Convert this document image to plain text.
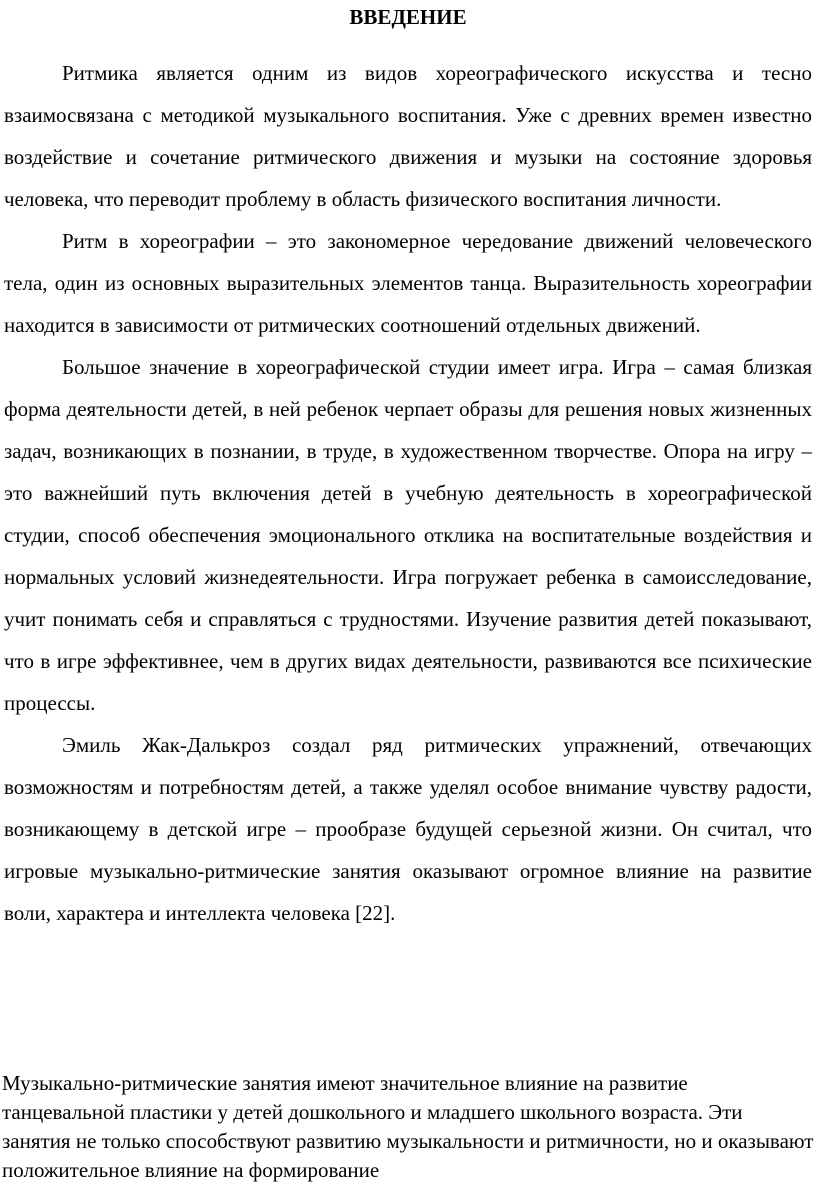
ВВЕДЕНИЕ

Ритмика является одним из видов хореографического искусства и тесно взаимосвязана с методикой музыкального воспитания. Уже с древних времен известно воздействие и сочетание ритмического движения и музыки на состояние здоровья человека, что переводит проблему в область физического воспитания личности.

Ритм в хореографии – это закономерное чередование движений человеческого тела, один из основных выразительных элементов танца. Выразительность хореографии находится в зависимости от ритмических соотношений отдельных движений.

Большое значение в хореографической студии имеет игра. Игра – самая близкая форма деятельности детей, в ней ребенок черпает образы для решения новых жизненных задач, возникающих в познании, в труде, в художественном творчестве. Опора на игру – это важнейший путь включения детей в учебную деятельность в хореографической студии, способ обеспечения эмоционального отклика на воспитательные воздействия и нормальных условий жизнедеятельности. Игра погружает ребенка в самоисследование, учит понимать себя и справляться с трудностями. Изучение развития детей показывают, что в игре эффективнее, чем в других видах деятельности, развиваются все психические процессы.

Эмиль Жак-Далькроз создал ряд ритмических упражнений, отвечающих возможностям и потребностям детей, а также уделял особое внимание чувству радости, возникающему в детской игре – прообразе будущей серьезной жизни. Он считал, что игровые музыкально-ритмические занятия оказывают огромное влияние на развитие воли, характера и интеллекта человека [22].

Музыкально-ритмические занятия имеют значительное влияние на развитие танцевальной пластики у детей дошкольного и младшего школьного возраста. Эти занятия не только способствуют развитию музыкальности и ритмичности, но и оказывают положительное влияние на формирование
